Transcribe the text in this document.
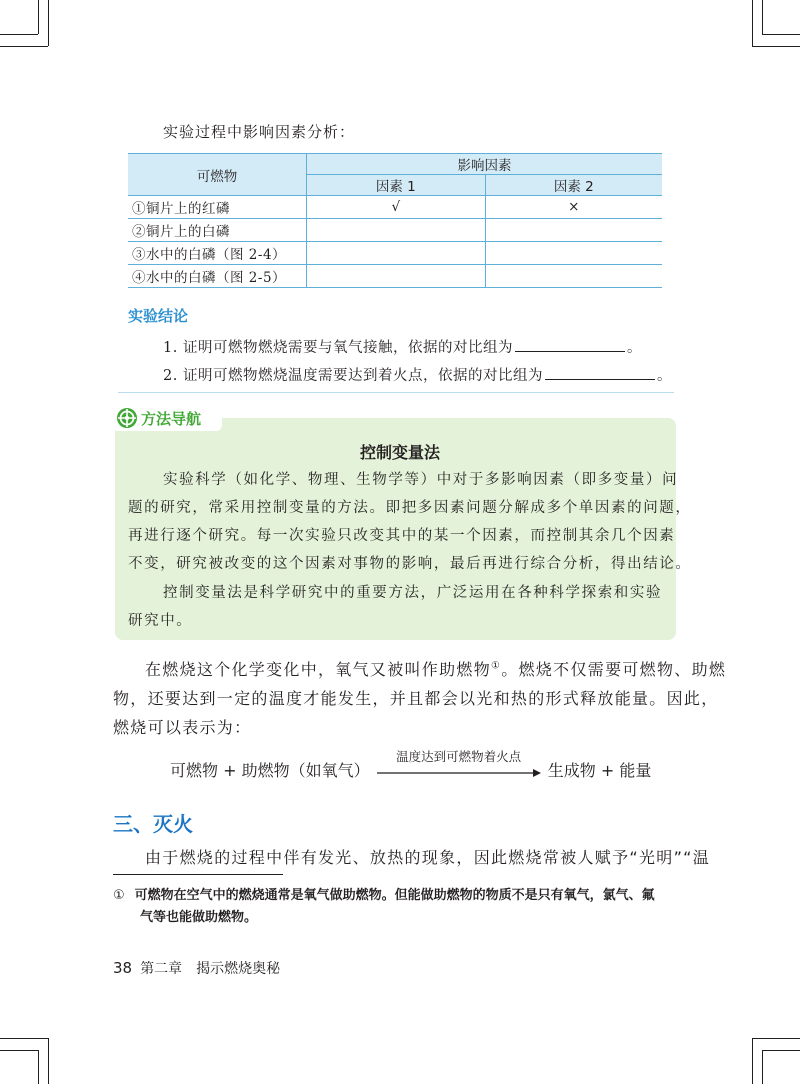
实验过程中影响因素分析：
可燃物	影响因素	
	因素 1	因素 2
①铜片上的红磷	√	×
②铜片上的白磷		
③水中的白磷（图 2-4）		
④水中的白磷（图 2-5）		
实验结论
1. 证明可燃物燃烧需要与氧气接触，依据的对比组为	。
2. 证明可燃物燃烧温度需要达到着火点，依据的对比组为	。
方法导航
控制变量法
实验科学（如化学、物理、生物学等）中对于多影响因素（即多变量）问
题的研究，常采用控制变量的方法。即把多因素问题分解成多个单因素的问题，
再进行逐个研究。每一次实验只改变其中的某一个因素，而控制其余几个因素
不变，研究被改变的这个因素对事物的影响，最后再进行综合分析，得出结论。
控制变量法是科学研究中的重要方法，广泛运用在各种科学探索和实验
研究中。
在燃烧这个化学变化中，氧气又被叫作助燃物①。燃烧不仅需要可燃物、助燃
物，还要达到一定的温度才能发生，并且都会以光和热的形式释放能量。因此，
燃烧可以表示为：
可燃物 + 助燃物（如氧气）
温度达到可燃物着火点
生成物 + 能量
三、灭火
由于燃烧的过程中伴有发光、放热的现象，因此燃烧常被人赋予“光明”“温
① 可燃物在空气中的燃烧通常是氧气做助燃物。但能做助燃物的物质不是只有氧气，氯气、氟
气等也能做助燃物。
38 第二章　揭示燃烧奥秘
